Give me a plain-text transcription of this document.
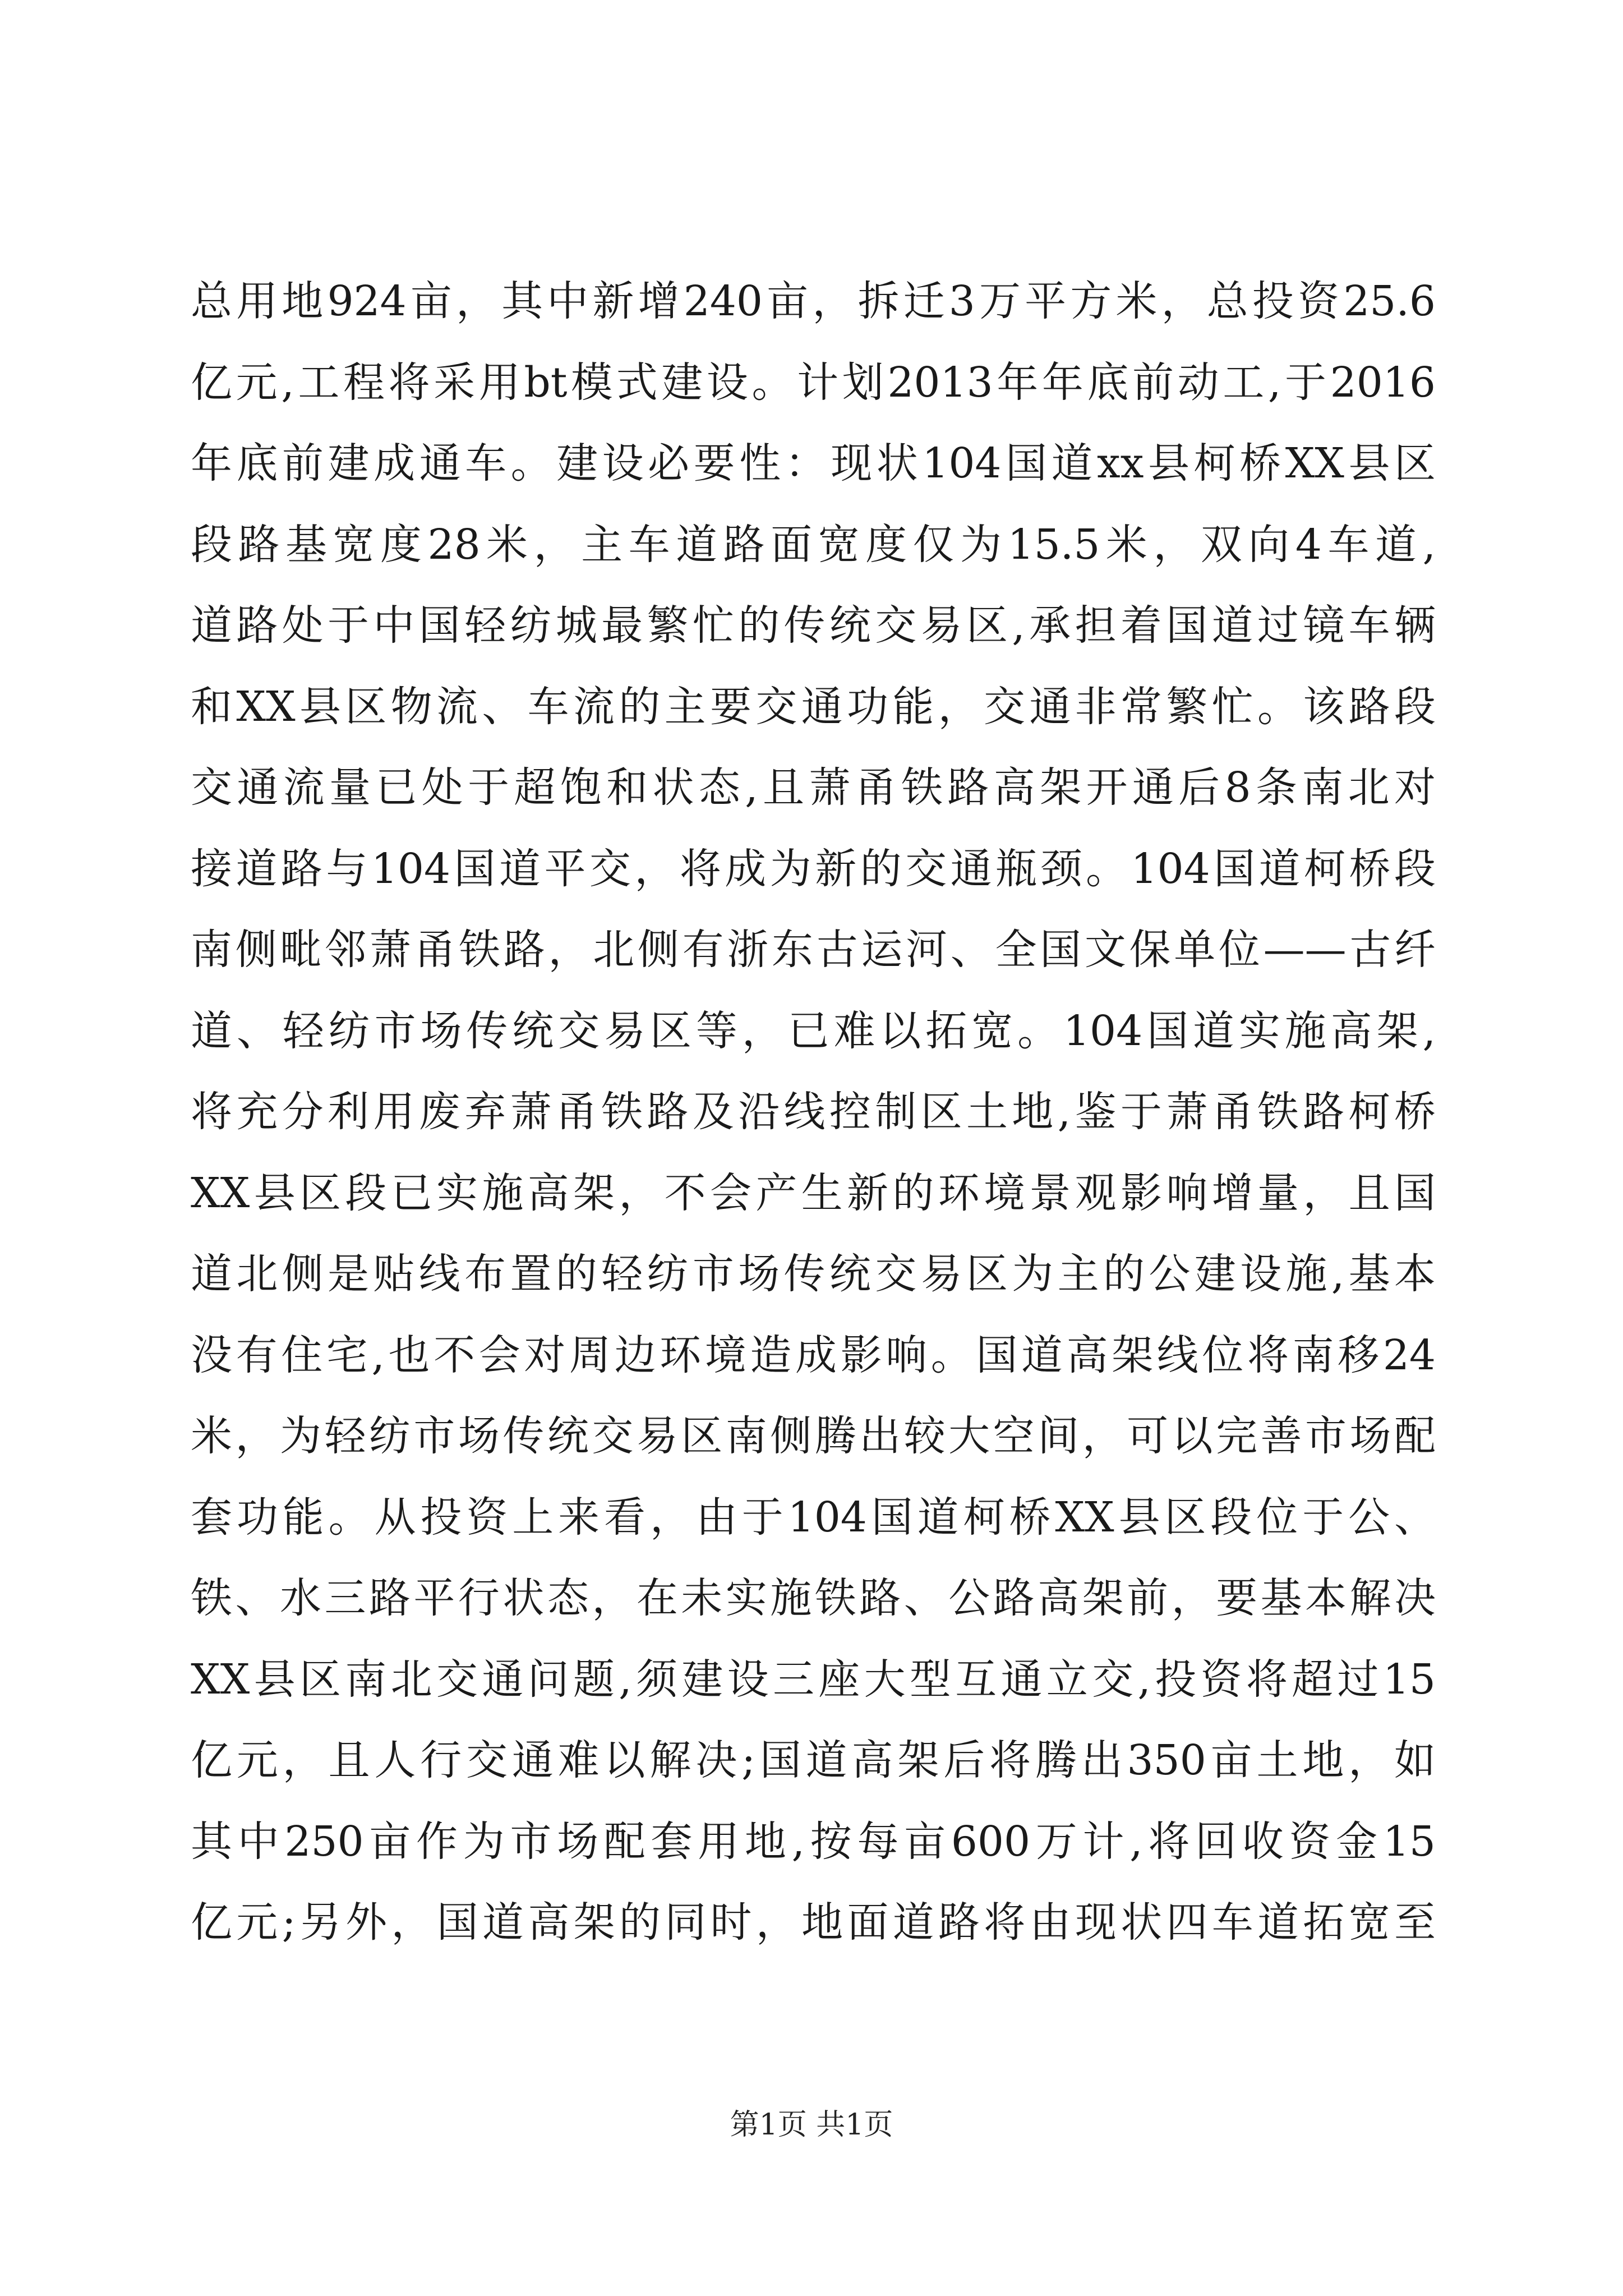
总用地924亩，其中新增240亩，拆迁3万平方米，总投资25.6
亿元,工程将采用bt模式建设。计划2013年年底前动工,于2016
年底前建成通车。建设必要性：现状104国道xx县柯桥XX县区
段路基宽度28米，主车道路面宽度仅为15.5米，双向4车道,
道路处于中国轻纺城最繁忙的传统交易区,承担着国道过镜车辆
和XX县区物流、车流的主要交通功能，交通非常繁忙。该路段
交通流量已处于超饱和状态,且萧甬铁路高架开通后8条南北对
接道路与104国道平交，将成为新的交通瓶颈。104国道柯桥段
南侧毗邻萧甬铁路，北侧有浙东古运河、全国文保单位——古纤
道、轻纺市场传统交易区等，已难以拓宽。104国道实施高架,
将充分利用废弃萧甬铁路及沿线控制区土地,鉴于萧甬铁路柯桥
XX县区段已实施高架，不会产生新的环境景观影响增量，且国
道北侧是贴线布置的轻纺市场传统交易区为主的公建设施,基本
没有住宅,也不会对周边环境造成影响。国道高架线位将南移24
米，为轻纺市场传统交易区南侧腾出较大空间，可以完善市场配
套功能。从投资上来看，由于104国道柯桥XX县区段位于公、
铁、水三路平行状态，在未实施铁路、公路高架前，要基本解决
XX县区南北交通问题,须建设三座大型互通立交,投资将超过15
亿元，且人行交通难以解决;国道高架后将腾出350亩土地，如
其中250亩作为市场配套用地,按每亩600万计,将回收资金15
亿元;另外，国道高架的同时，地面道路将由现状四车道拓宽至
第1页 共1页
